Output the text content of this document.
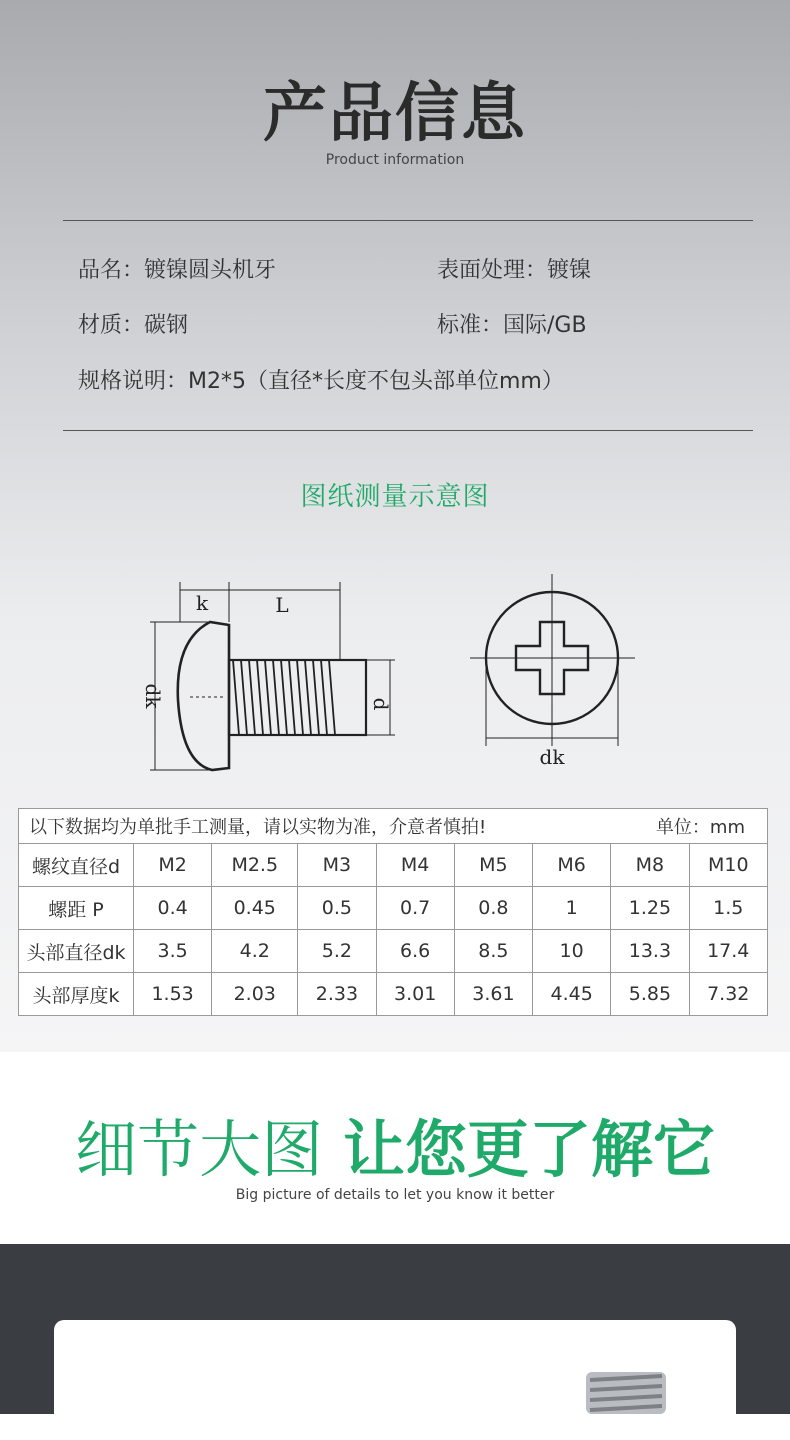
产品信息
Product information
品名：镀镍圆头机牙	表面处理：镀镍
材质：碳钢	标准：国际/GB
规格说明：M2*5（直径*长度不包头部单位mm）
图纸测量示意图
k	L
dk	d
dk
以下数据均为单批手工测量，请以实物为准，介意者慎拍! 单位：mm								

螺纹直径d	M2	M2.5	M3	M4	M5	M6	M8	M10
螺距 P	0.4	0.45	0.5	0.7	0.8	1	1.25	1.5
头部直径dk	3.5	4.2	5.2	6.6	8.5	10	13.3	17.4
头部厚度k	1.53	2.03	2.33	3.01	3.61	4.45	5.85	7.32
细节大图 让您更了解它
Big picture of details to let you know it better
